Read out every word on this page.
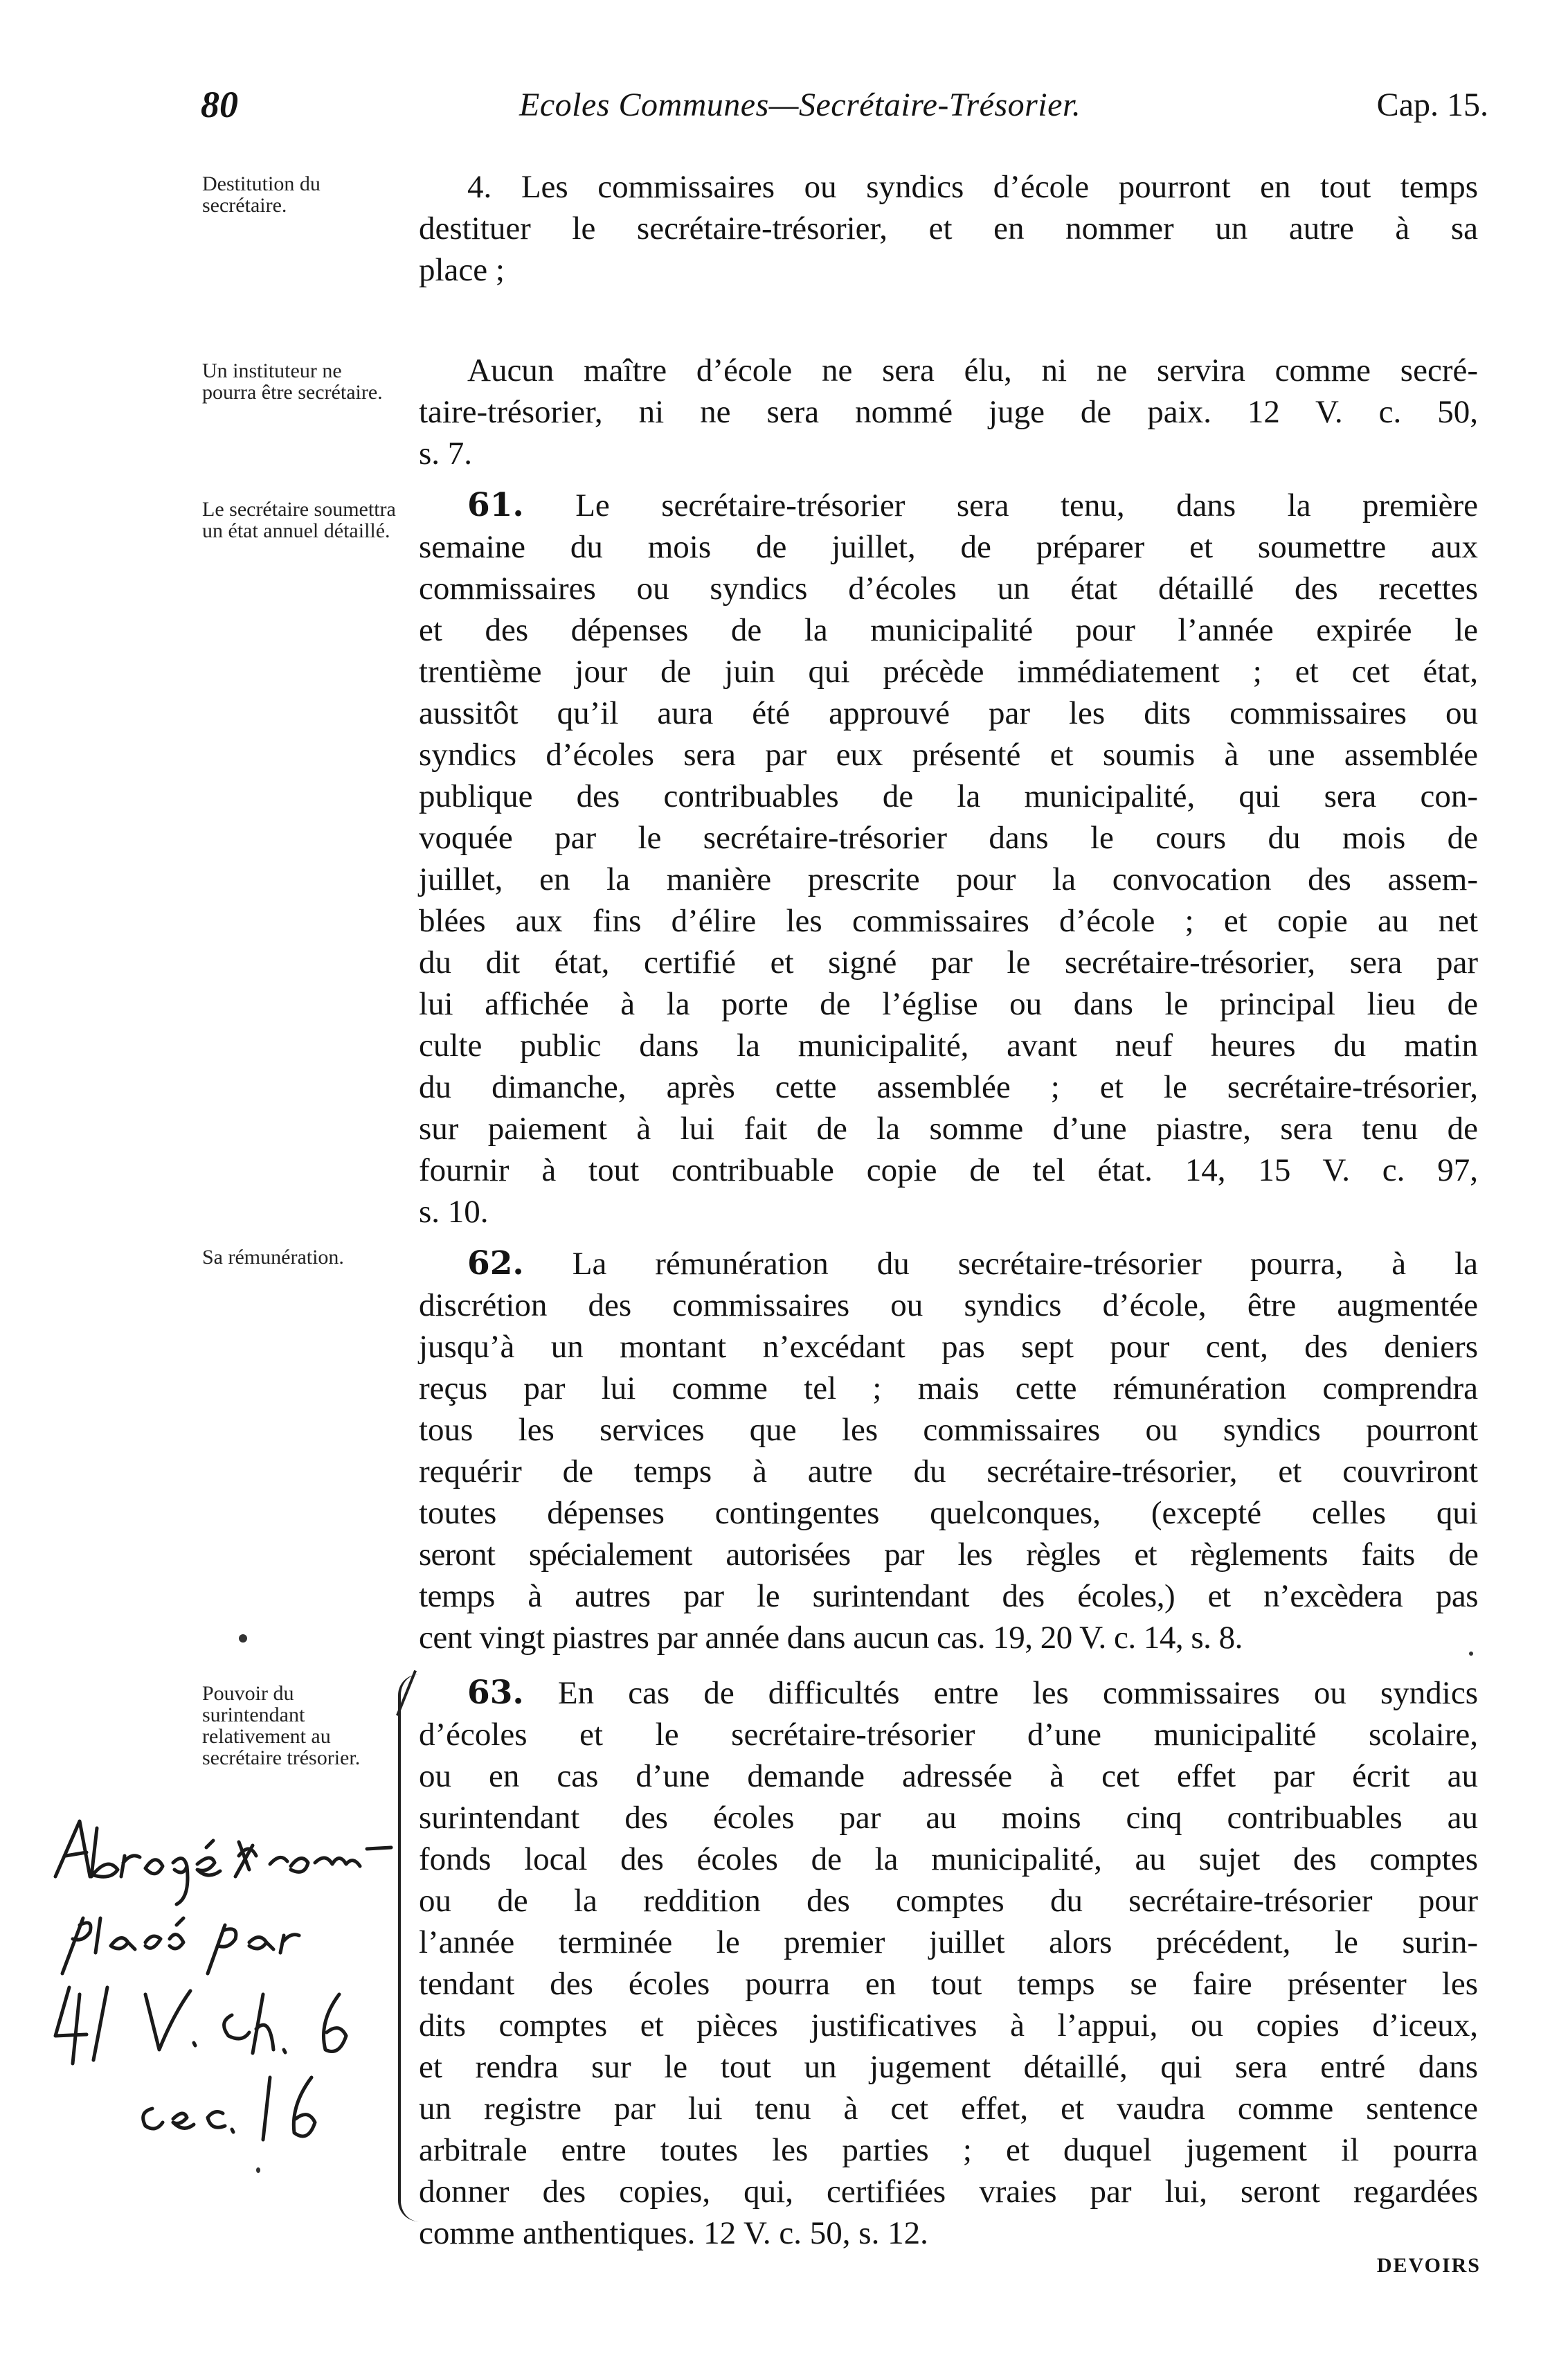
80	Ecoles Communes—Secrétaire-Trésorier.	Cap. 15.
Destitution du secrétaire.
Un instituteur ne pourra être secrétaire.
Le secrétaire soumettra un état annuel détaillé.
Sa rémunération.
Pouvoir du surintendant relativement au secrétaire trésorier.
4. Les commissaires ou syndics d’école pourront en tout temps
destituer le secrétaire-trésorier, et en nommer un autre à sa
place ;
Aucun maître d’école ne sera élu, ni ne servira comme secré-
taire-trésorier, ni ne sera nommé juge de paix. 12 V. c. 50,
s. 7.
61. Le secrétaire-trésorier sera tenu, dans la première
semaine du mois de juillet, de préparer et soumettre aux
commissaires ou syndics d’écoles un état détaillé des recettes
et des dépenses de la municipalité pour l’année expirée le
trentième jour de juin qui précède immédiatement ; et cet état,
aussitôt qu’il aura été approuvé par les dits commissaires ou
syndics d’écoles sera par eux présenté et soumis à une assemblée
publique des contribuables de la municipalité, qui sera con-
voquée par le secrétaire-trésorier dans le cours du mois de
juillet, en la manière prescrite pour la convocation des assem-
blées aux fins d’élire les commissaires d’école ; et copie au net
du dit état, certifié et signé par le secrétaire-trésorier, sera par
lui affichée à la porte de l’église ou dans le principal lieu de
culte public dans la municipalité, avant neuf heures du matin
du dimanche, après cette assemblée ; et le secrétaire-trésorier,
sur paiement à lui fait de la somme d’une piastre, sera tenu de
fournir à tout contribuable copie de tel état. 14, 15 V. c. 97,
s. 10.
62. La rémunération du secrétaire-trésorier pourra, à la
discrétion des commissaires ou syndics d’école, être augmentée
jusqu’à un montant n’excédant pas sept pour cent, des deniers
reçus par lui comme tel ; mais cette rémunération comprendra
tous les services que les commissaires ou syndics pourront
requérir de temps à autre du secrétaire-trésorier, et couvriront
toutes dépenses contingentes quelconques, (excepté celles qui
seront spécialement autorisées par les règles et règlements faits de
temps à autres par le surintendant des écoles,) et n’excèdera pas
cent vingt piastres par année dans aucun cas. 19, 20 V. c. 14, s. 8.
63. En cas de difficultés entre les commissaires ou syndics
d’écoles et le secrétaire-trésorier d’une municipalité scolaire,
ou en cas d’une demande adressée à cet effet par écrit au
surintendant des écoles par au moins cinq contribuables au
fonds local des écoles de la municipalité, au sujet des comptes
ou de la reddition des comptes du secrétaire-trésorier pour
l’année terminée le premier juillet alors précédent, le surin-
tendant des écoles pourra en tout temps se faire présenter les
dits comptes et pièces justificatives à l’appui, ou copies d’iceux,
et rendra sur le tout un jugement détaillé, qui sera entré dans
un registre par lui tenu à cet effet, et vaudra comme sentence
arbitrale entre toutes les parties ; et duquel jugement il pourra
donner des copies, qui, certifiées vraies par lui, seront regardées
comme anthentiques. 12 V. c. 50, s. 12.
DEVOIRS
